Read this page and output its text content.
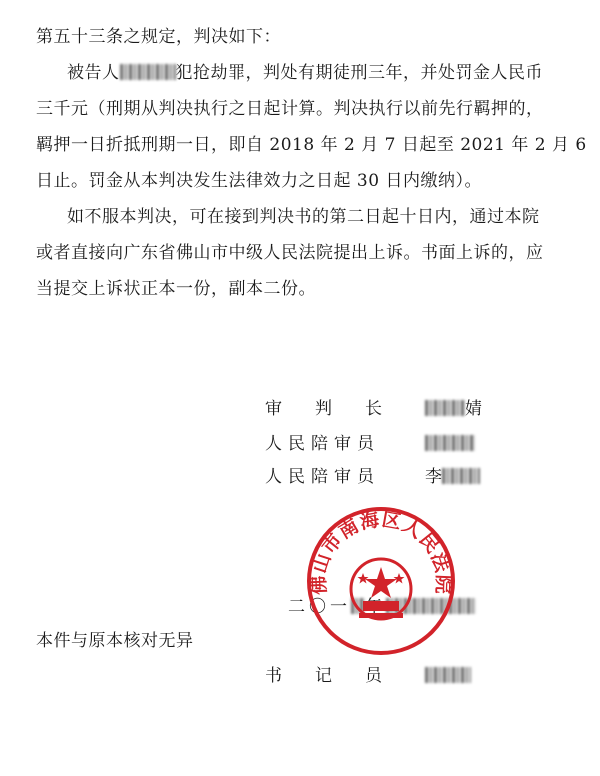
第五十三条之规定，判决如下：
被告人	犯抢劫罪，判处有期徒刑三年，并处罚金人民币
三千元（刑期从判决执行之日起计算。判决执行以前先行羁押的，
羁押一日折抵刑期一日，即自 2018 年 2 月 7 日起至 2021 年 2 月 6
日止。罚金从本判决发生法律效力之日起 30 日内缴纳）。
如不服本判决，可在接到判决书的第二日起十日内，通过本院
或者直接向广东省佛山市中级人民法院提出上诉。书面上诉的，应
当提交上诉状正本一份，副本二份。
审　判　长	婧
人民陪审员
人民陪审员	李
二〇一
佛山市南海区人民法院
本件与原本核对无异
书　记　员
